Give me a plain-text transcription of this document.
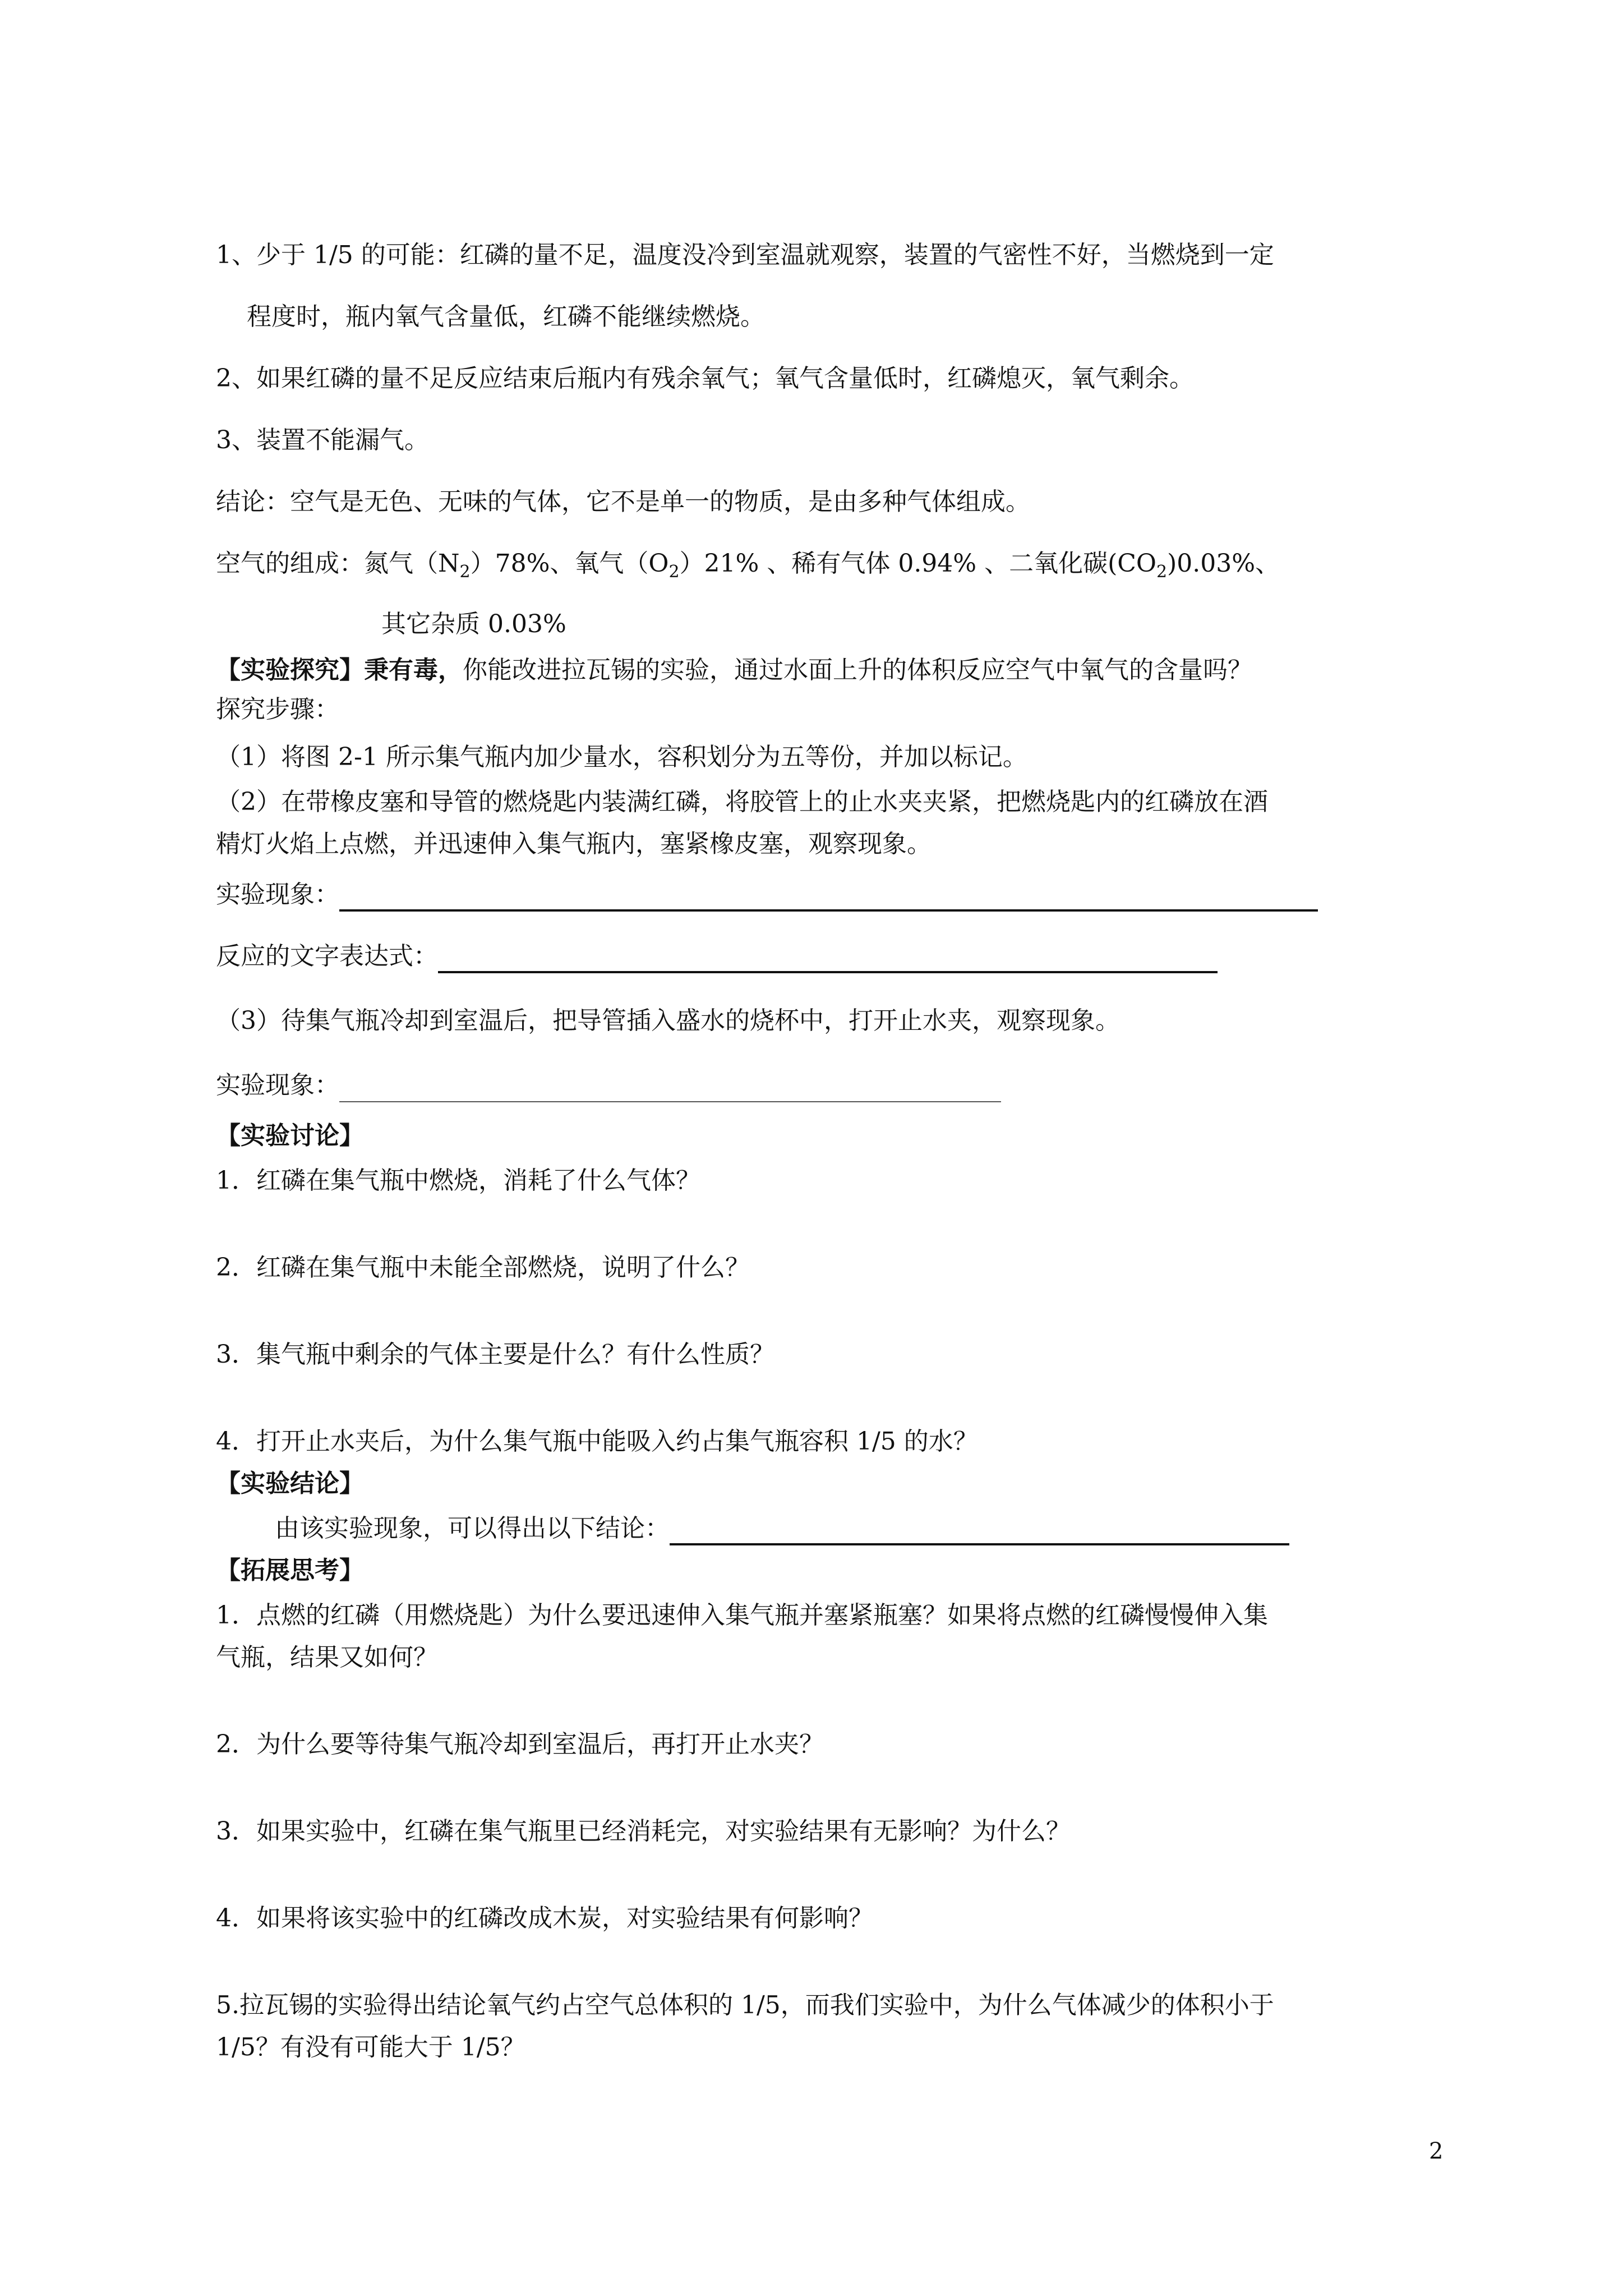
1、少于 1/5 的可能：红磷的量不足，温度没冷到室温就观察，装置的气密性不好，当燃烧到一定
程度时，瓶内氧气含量低，红磷不能继续燃烧。
2、如果红磷的量不足反应结束后瓶内有残余氧气；氧气含量低时，红磷熄灭，氧气剩余。
3、装置不能漏气。
结论：空气是无色、无味的气体，它不是单一的物质，是由多种气体组成。
空气的组成：氮气$(N_2)78\%$、氧气$(O_2)21\%$ 、稀有气体 0.94% 、二氧化碳$(CO_2)0.03\%$、
其它杂质 0.03%
【实验探究】秉有毒，你能改进拉瓦锡的实验，通过水面上升的体积反应空气中氧气的含量吗？
探究步骤：
（1）将图 2-1 所示集气瓶内加少量水，容积划分为五等份，并加以标记。
（2）在带橡皮塞和导管的燃烧匙内装满红磷，将胶管上的止水夹夹紧，把燃烧匙内的红磷放在酒
精灯火焰上点燃，并迅速伸入集气瓶内，塞紧橡皮塞，观察现象。
实验现象：
反应的文字表达式：
（3）待集气瓶冷却到室温后，把导管插入盛水的烧杯中，打开止水夹，观察现象。
实验现象：
【实验讨论】
1．红磷在集气瓶中燃烧，消耗了什么气体？
2．红磷在集气瓶中未能全部燃烧，说明了什么？
3．集气瓶中剩余的气体主要是什么？有什么性质？
4．打开止水夹后，为什么集气瓶中能吸入约占集气瓶容积 1/5 的水？
【实验结论】
由该实验现象，可以得出以下结论：
【拓展思考】
1．点燃的红磷（用燃烧匙）为什么要迅速伸入集气瓶并塞紧瓶塞？如果将点燃的红磷慢慢伸入集
气瓶，结果又如何？
2．为什么要等待集气瓶冷却到室温后，再打开止水夹？
3．如果实验中，红磷在集气瓶里已经消耗完，对实验结果有无影响？为什么？
4．如果将该实验中的红磷改成木炭，对实验结果有何影响？
5.拉瓦锡的实验得出结论氧气约占空气总体积的 1/5，而我们实验中，为什么气体减少的体积小于
1/5？有没有可能大于 1/5？
2
